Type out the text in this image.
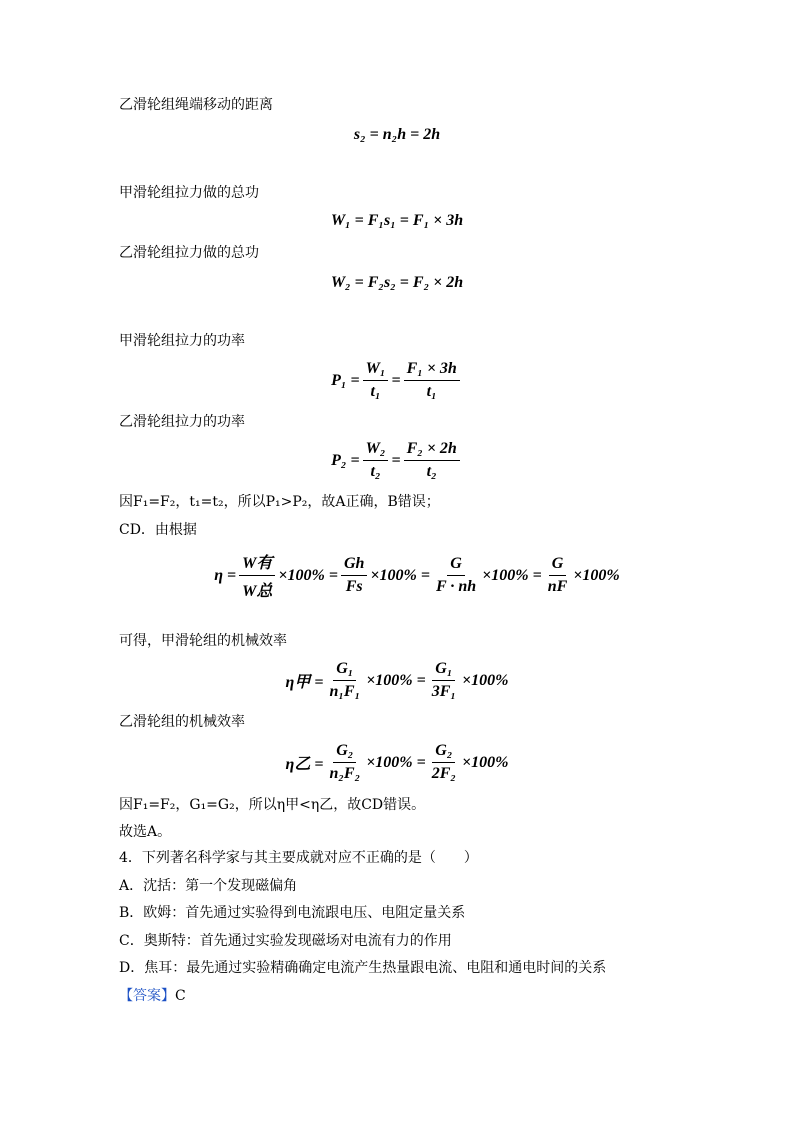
乙滑轮组绳端移动的距离
s₂ = n₂h = 2h
甲滑轮组拉力做的总功
W₁ = F₁s₁ = F₁ × 3h
乙滑轮组拉力做的总功
W₂ = F₂s₂ = F₂ × 2h
甲滑轮组拉力的功率
$P_1 = \frac{\text{W₁}}{\text{t₁}} = \frac{\text{F₁ × 3h}}{\text{t₁}}$
乙滑轮组拉力的功率
$P_2 = \frac{\text{W₂}}{\text{t₂}} = \frac{\text{F₂ × 2h}}{\text{t₂}}$
因F₁=F₂，t₁=t₂，所以P₁>P₂，故A正确，B错误；
CD．由根据
η =
W有
W总
$\times 100\% = \frac{Gh}{Fs} \times 100\% = \frac{G}{F \cdot nh} \times 100\% = \frac{G}{nF} \times 100\%$
可得，甲滑轮组的机械效率
η甲 = $\frac{\text{G₁}}{\text{n₁F₁}} \times 100\% = \frac{\text{G₁}}{\text{3F₁}} \times 100\%$
乙滑轮组的机械效率
η乙 = $\frac{\text{G₂}}{\text{n₂F₂}} \times 100\% = \frac{\text{G₂}}{\text{2F₂}} \times 100\%$
因F₁=F₂，G₁=G₂，所以η甲<η乙，故CD错误。
故选A。
4．下列著名科学家与其主要成就对应不正确的是（　　）
A．沈括：第一个发现磁偏角
B．欧姆：首先通过实验得到电流跟电压、电阻定量关系
C．奥斯特：首先通过实验发现磁场对电流有力的作用
D．焦耳：最先通过实验精确确定电流产生热量跟电流、电阻和通电时间的关系
【答案】C
